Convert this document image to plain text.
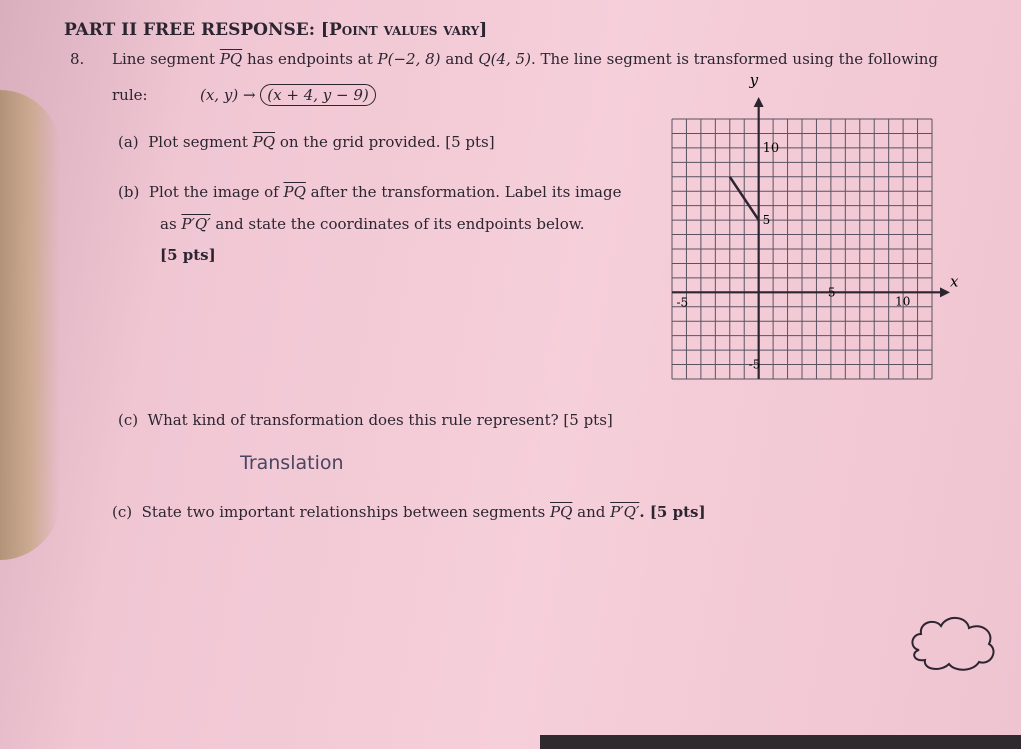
PART II FREE RESPONSE: [Point values vary]
8. Line segment $\overline{PQ}$ has endpoints at P(−2, 8) and Q(4, 5). The line segment is transformed using the following
rule:	(x, y) → (x + 4, y − 9)
(a) Plot segment $\overline{PQ}$ on the grid provided. [5 pts]
(b) Plot the image of $\overline{PQ}$ after the transformation. Label its image
as P′Q′ and state the coordinates of its endpoints below.
[5 pts]
(c) What kind of transformation does this rule represent? [5 pts]
Translation
(c) State two important relationships between segments $\overline{PQ}$ and P′Q′. [5 pts]
y
x
10
5
-5
-5
5
10
